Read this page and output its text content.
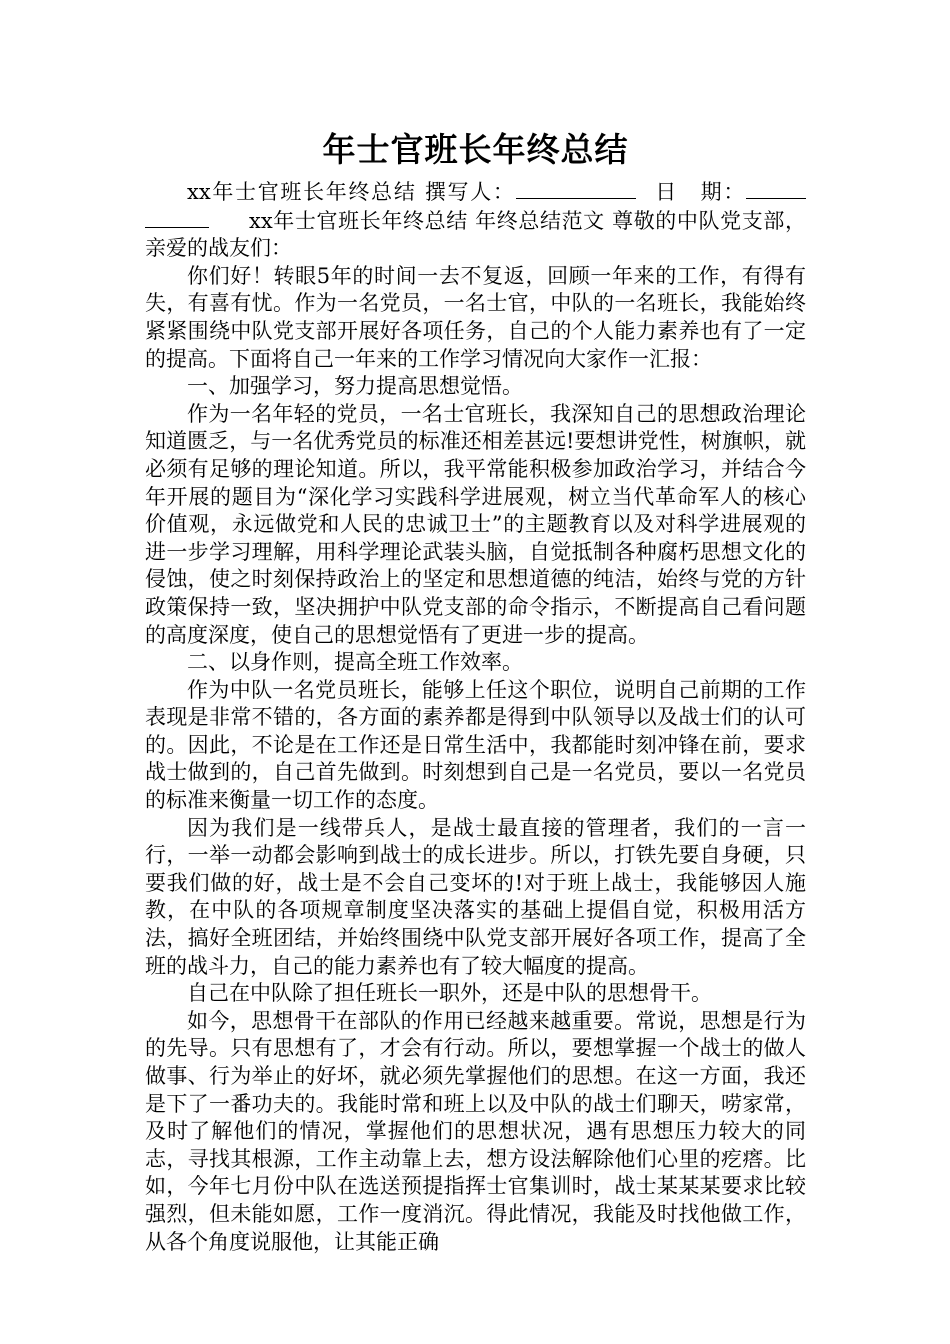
年士官班长年终总结

xx年士官班长年终总结 撰写人：	日　期： xx年士官班长年终总结 年终总结范文 尊敬的中队党支部，亲爱的战友们：

你们好！转眼5年的时间一去不复返，回顾一年来的工作，有得有失，有喜有忧。作为一名党员，一名士官，中队的一名班长，我能始终紧紧围绕中队党支部开展好各项任务，自己的个人能力素养也有了一定的提高。下面将自己一年来的工作学习情况向大家作一汇报：

一、加强学习，努力提高思想觉悟。

作为一名年轻的党员，一名士官班长，我深知自己的思想政治理论知道匮乏，与一名优秀党员的标准还相差甚远!要想讲党性，树旗帜，就必须有足够的理论知道。所以，我平常能积极参加政治学习，并结合今年开展的题目为“深化学习实践科学进展观，树立当代革命军人的核心价值观，永远做党和人民的忠诚卫士”的主题教育以及对科学进展观的进一步学习理解，用科学理论武装头脑，自觉抵制各种腐朽思想文化的侵蚀，使之时刻保持政治上的坚定和思想道德的纯洁，始终与党的方针政策保持一致，坚决拥护中队党支部的命令指示，不断提高自己看问题的高度深度，使自己的思想觉悟有了更进一步的提高。

二、以身作则，提高全班工作效率。

作为中队一名党员班长，能够上任这个职位，说明自己前期的工作表现是非常不错的，各方面的素养都是得到中队领导以及战士们的认可的。因此，不论是在工作还是日常生活中，我都能时刻冲锋在前，要求战士做到的，自己首先做到。时刻想到自己是一名党员，要以一名党员的标准来衡量一切工作的态度。

因为我们是一线带兵人，是战士最直接的管理者，我们的一言一行，一举一动都会影响到战士的成长进步。所以，打铁先要自身硬，只要我们做的好，战士是不会自己变坏的!对于班上战士，我能够因人施教，在中队的各项规章制度坚决落实的基础上提倡自觉，积极用活方法，搞好全班团结，并始终围绕中队党支部开展好各项工作，提高了全班的战斗力，自己的能力素养也有了较大幅度的提高。

自己在中队除了担任班长一职外，还是中队的思想骨干。

如今，思想骨干在部队的作用已经越来越重要。常说，思想是行为的先导。只有思想有了，才会有行动。所以，要想掌握一个战士的做人做事、行为举止的好坏，就必须先掌握他们的思想。在这一方面，我还是下了一番功夫的。我能时常和班上以及中队的战士们聊天，唠家常，及时了解他们的情况，掌握他们的思想状况，遇有思想压力较大的同志，寻找其根源，工作主动靠上去，想方设法解除他们心里的疙瘩。比如，今年七月份中队在选送预提指挥士官集训时，战士某某某要求比较强烈，但未能如愿，工作一度消沉。得此情况，我能及时找他做工作，从各个角度说服他，让其能正确
